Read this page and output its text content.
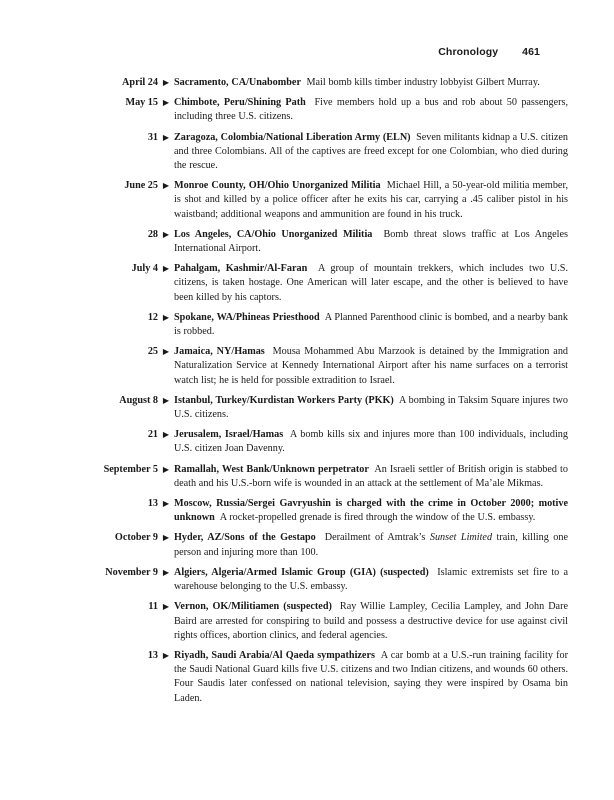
Chronology 461
April 24 ▶ Sacramento, CA/Unabomber Mail bomb kills timber industry lobbyist Gilbert Murray.
May 15 ▶ Chimbote, Peru/Shining Path Five members hold up a bus and rob about 50 passengers, including three U.S. citizens.
31 ▶ Zaragoza, Colombia/National Liberation Army (ELN) Seven militants kidnap a U.S. citizen and three Colombians. All of the captives are freed except for one Colombian, who died during the rescue.
June 25 ▶ Monroe County, OH/Ohio Unorganized Militia Michael Hill, a 50-year-old militia member, is shot and killed by a police officer after he exits his car, carrying a .45 caliber pistol in his waistband; additional weapons and ammunition are found in his truck.
28 ▶ Los Angeles, CA/Ohio Unorganized Militia Bomb threat slows traffic at Los Angeles International Airport.
July 4 ▶ Pahalgam, Kashmir/Al-Faran A group of mountain trekkers, which includes two U.S. citizens, is taken hostage. One American will later escape, and the other is believed to have been killed by his captors.
12 ▶ Spokane, WA/Phineas Priesthood A Planned Parenthood clinic is bombed, and a nearby bank is robbed.
25 ▶ Jamaica, NY/Hamas Mousa Mohammed Abu Marzook is detained by the Immigration and Naturalization Service at Kennedy International Airport after his name surfaces on a terrorist watch list; he is held for possible extradition to Israel.
August 8 ▶ Istanbul, Turkey/Kurdistan Workers Party (PKK) A bombing in Taksim Square injures two U.S. citizens.
21 ▶ Jerusalem, Israel/Hamas A bomb kills six and injures more than 100 individuals, including U.S. citizen Joan Davenny.
September 5 ▶ Ramallah, West Bank/Unknown perpetrator An Israeli settler of British origin is stabbed to death and his U.S.-born wife is wounded in an attack at the settlement of Ma’ale Mikmas.
13 ▶ Moscow, Russia/Sergei Gavryushin is charged with the crime in October 2000; motive unknown A rocket-propelled grenade is fired through the window of the U.S. embassy.
October 9 ▶ Hyder, AZ/Sons of the Gestapo Derailment of Amtrak’s Sunset Limited train, killing one person and injuring more than 100.
November 9 ▶ Algiers, Algeria/Armed Islamic Group (GIA) (suspected) Islamic extremists set fire to a warehouse belonging to the U.S. embassy.
11 ▶ Vernon, OK/Militiamen (suspected) Ray Willie Lampley, Cecilia Lampley, and John Dare Baird are arrested for conspiring to build and possess a destructive device for use against civil rights offices, abortion clinics, and federal agencies.
13 ▶ Riyadh, Saudi Arabia/Al Qaeda sympathizers A car bomb at a U.S.-run training facility for the Saudi National Guard kills five U.S. citizens and two Indian citizens, and wounds 60 others. Four Saudis later confessed on national television, saying they were inspired by Osama bin Laden.
